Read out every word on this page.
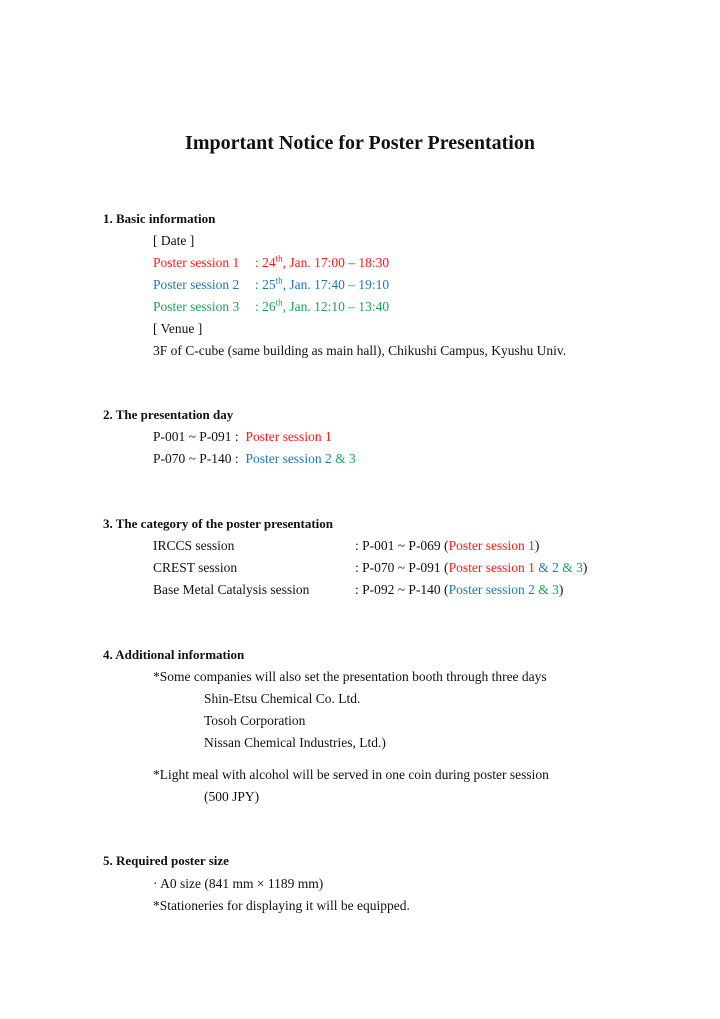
Important Notice for Poster Presentation
1. Basic information
[ Date ]
Poster session 1 : 24th, Jan. 17:00 – 18:30
Poster session 2 : 25th, Jan. 17:40 – 19:10
Poster session 3 : 26th, Jan. 12:10 – 13:40
[ Venue ]
3F of C-cube (same building as main hall), Chikushi Campus, Kyushu Univ.
2. The presentation day
P-001 ~ P-091 : Poster session 1
P-070 ~ P-140 : Poster session 2 & 3
3. The category of the poster presentation
IRCCS session	: P-001 ~ P-069 (Poster session 1)
CREST session	: P-070 ~ P-091 (Poster session 1 & 2 & 3)
Base Metal Catalysis session	: P-092 ~ P-140 (Poster session 2 & 3)
4. Additional information
*Some companies will also set the presentation booth through three days
Shin-Etsu Chemical Co. Ltd.
Tosoh Corporation
Nissan Chemical Industries, Ltd.)
*Light meal with alcohol will be served in one coin during poster session
(500 JPY)
5. Required poster size
· A0 size (841 mm × 1189 mm)
*Stationeries for displaying it will be equipped.
